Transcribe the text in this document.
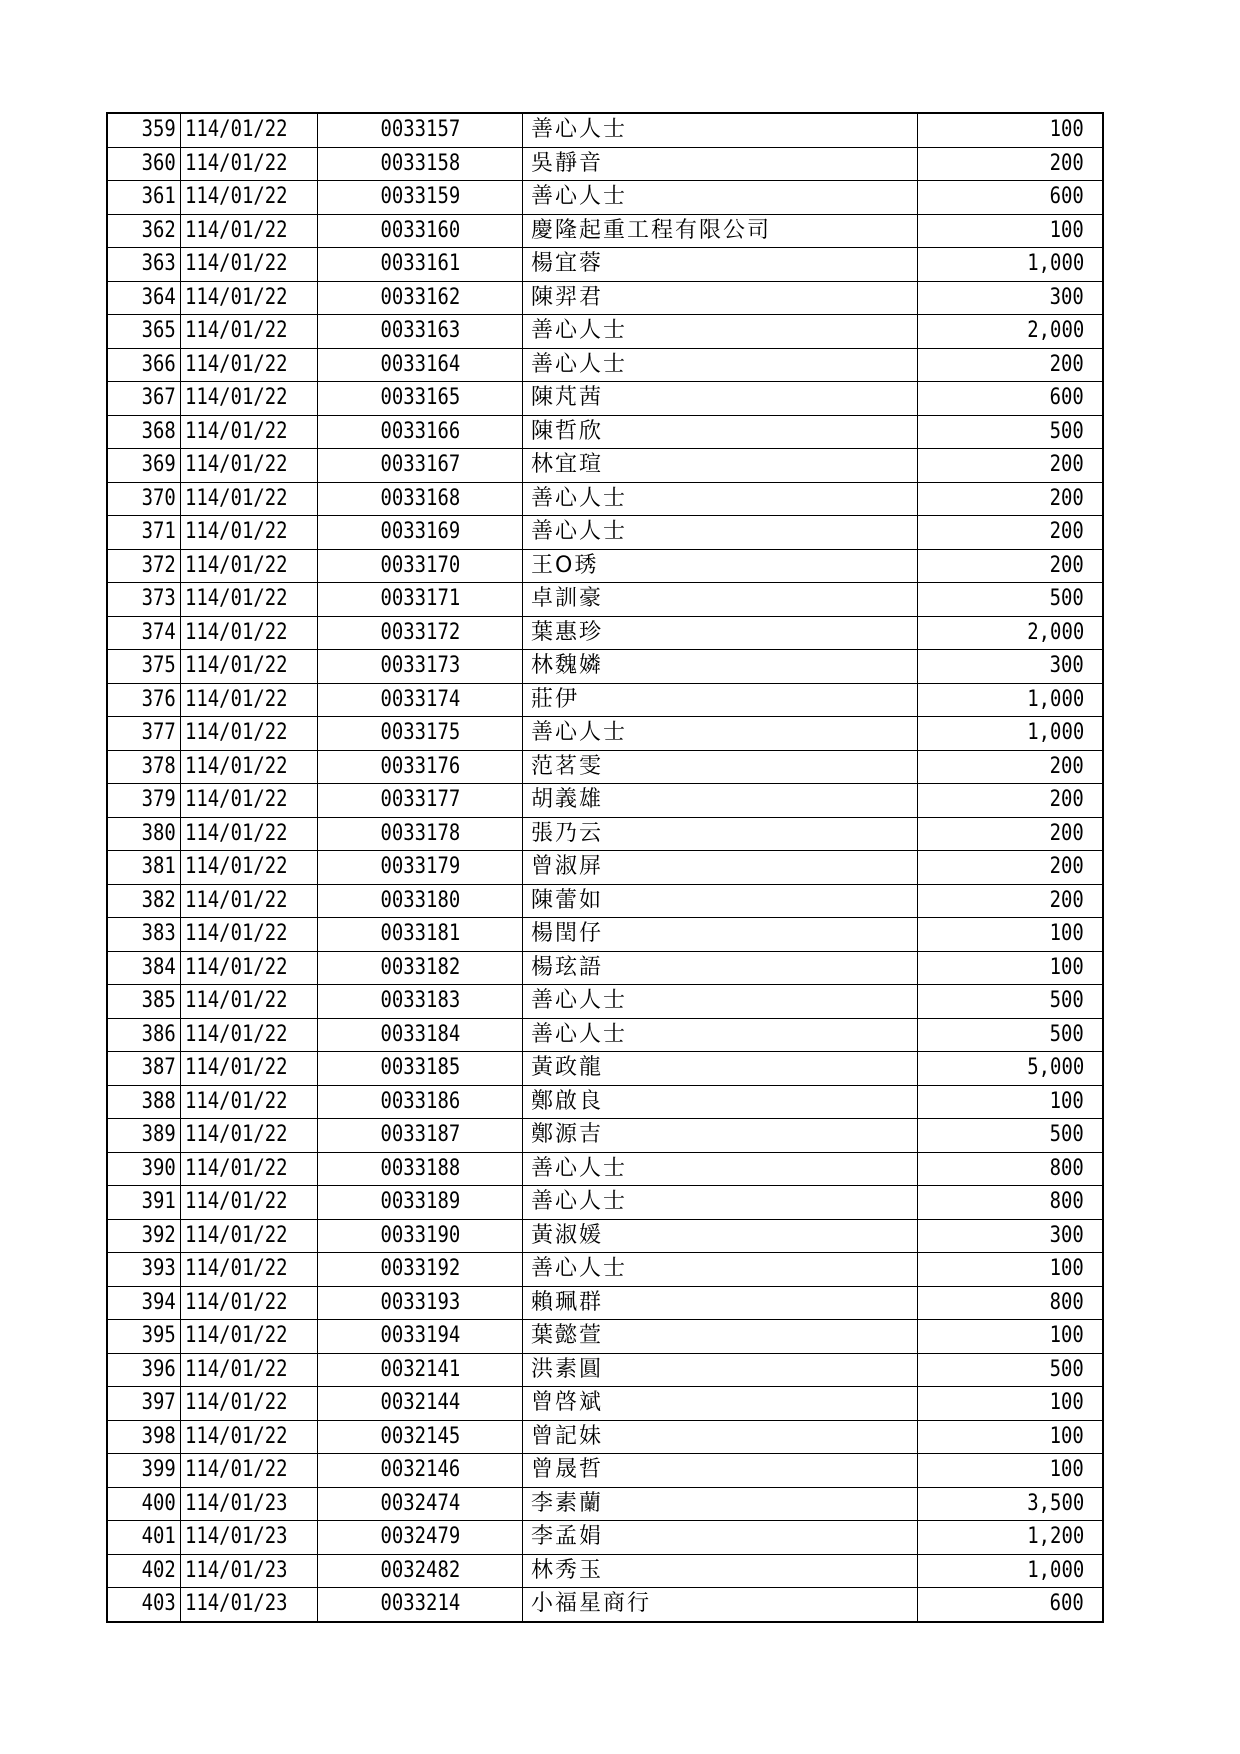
359	114/01/22	0033157	善心人士	100
360	114/01/22	0033158	吳靜音	200
361	114/01/22	0033159	善心人士	600
362	114/01/22	0033160	慶隆起重工程有限公司	100
363	114/01/22	0033161	楊宜蓉	1,000
364	114/01/22	0033162	陳羿君	300
365	114/01/22	0033163	善心人士	2,000
366	114/01/22	0033164	善心人士	200
367	114/01/22	0033165	陳芃茜	600
368	114/01/22	0033166	陳哲欣	500
369	114/01/22	0033167	林宜瑄	200
370	114/01/22	0033168	善心人士	200
371	114/01/22	0033169	善心人士	200
372	114/01/22	0033170	王O琇	200
373	114/01/22	0033171	卓訓豪	500
374	114/01/22	0033172	葉惠珍	2,000
375	114/01/22	0033173	林魏嫾	300
376	114/01/22	0033174	莊伊	1,000
377	114/01/22	0033175	善心人士	1,000
378	114/01/22	0033176	范茗雯	200
379	114/01/22	0033177	胡義雄	200
380	114/01/22	0033178	張乃云	200
381	114/01/22	0033179	曾淑屏	200
382	114/01/22	0033180	陳蕾如	200
383	114/01/22	0033181	楊閏仔	100
384	114/01/22	0033182	楊玹語	100
385	114/01/22	0033183	善心人士	500
386	114/01/22	0033184	善心人士	500
387	114/01/22	0033185	黃政龍	5,000
388	114/01/22	0033186	鄭啟良	100
389	114/01/22	0033187	鄭源吉	500
390	114/01/22	0033188	善心人士	800
391	114/01/22	0033189	善心人士	800
392	114/01/22	0033190	黃淑媛	300
393	114/01/22	0033192	善心人士	100
394	114/01/22	0033193	賴珮群	800
395	114/01/22	0033194	葉懿萱	100
396	114/01/22	0032141	洪素圓	500
397	114/01/22	0032144	曾啓斌	100
398	114/01/22	0032145	曾記妹	100
399	114/01/22	0032146	曾晟哲	100
400	114/01/23	0032474	李素蘭	3,500
401	114/01/23	0032479	李孟娟	1,200
402	114/01/23	0032482	林秀玉	1,000
403	114/01/23	0033214	小福星商行	600
